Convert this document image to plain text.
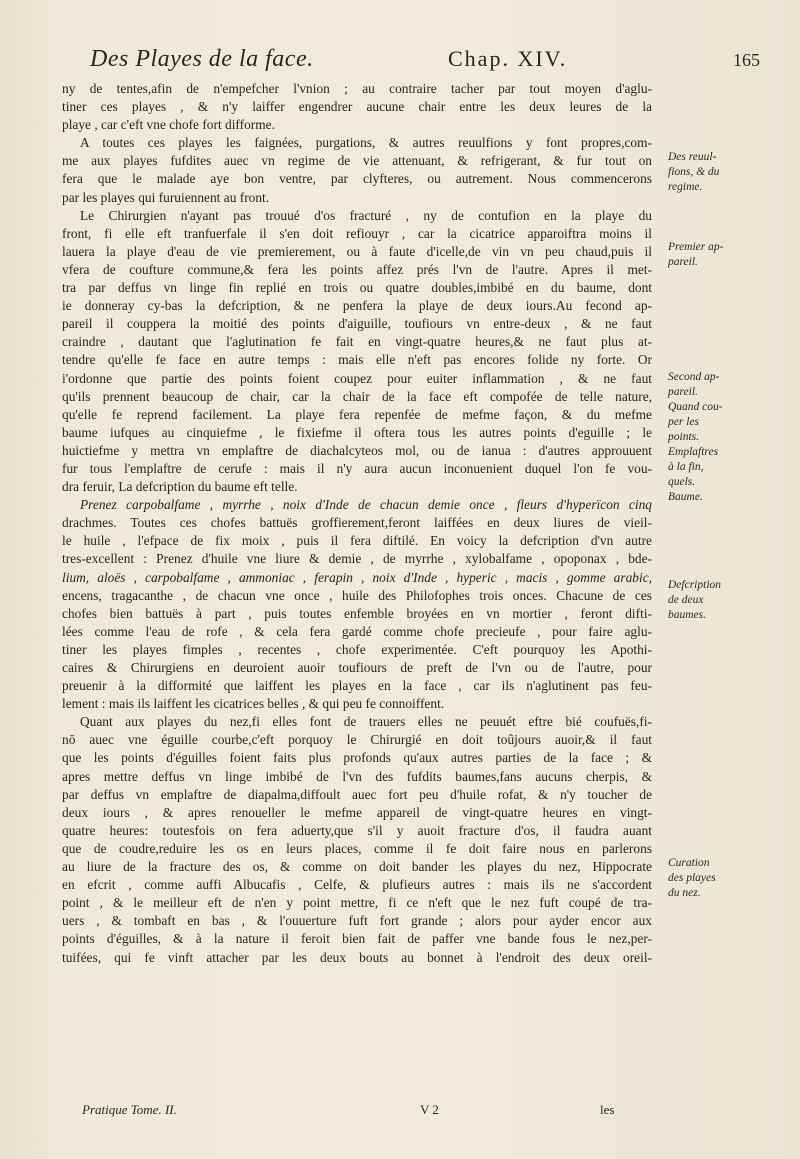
Des Playes de la face.	Chap. XIV.	165
ny de tentes,afin de n'empefcher l'vnion ; au contraire tacher par tout moyen d'aglu-
tiner ces playes , & n'y laiffer engendrer aucune chair entre les deux leures de la
playe , car c'eft vne chofe fort difforme.
A toutes ces playes les faignées, purgations, & autres reuulfions y font propres,com-
me aux playes fufdites auec vn regime de vie attenuant, & refrigerant, & fur tout on
fera que le malade aye bon ventre, par clyfteres, ou autrement. Nous commencerons
par les playes qui furuiennent au front.
Le Chirurgien n'ayant pas trouué d'os fracturé , ny de contufion en la playe du
front, fi elle eft tranfuerfale il s'en doit refiouyr , car la cicatrice apparoiftra moins il
lauera la playe d'eau de vie premierement, ou à faute d'icelle,de vin vn peu chaud,puis il
vfera de coufture commune,& fera les points affez prés l'vn de l'autre. Apres il met-
tra par deffus vn linge fin replié en trois ou quatre doubles,imbibé en du baume, dont
ie donneray cy-bas la defcription, & ne penfera la playe de deux iours.Au fecond ap-
pareil il couppera la moitié des points d'aiguille, toufiours vn entre-deux , & ne faut
craindre , dautant que l'aglutination fe fait en vingt-quatre heures,& ne faut plus at-
tendre qu'elle fe face en autre temps : mais elle n'eft pas encores folide ny forte. Or
i'ordonne que partie des points foient coupez pour euiter inflammation , & ne faut
qu'ils prennent beaucoup de chair, car la chair de la face eft compofée de telle nature,
qu'elle fe reprend facilement. La playe fera repenfée de mefme façon, & du mefme
baume iufques au cinquiefme , le fixiefme il oftera tous les autres points d'eguille ; le
huictiefme y mettra vn emplaftre de diachalcyteos mol, ou de ianua : d'autres approuuent
fur tous l'emplaftre de cerufe : mais il n'y aura aucun inconuenient duquel l'on fe vou-
dra feruir, La defcription du baume eft telle.
Prenez carpobalfame , myrrhe , noix d'Inde de chacun demie once , fleurs d'hyperïcon cinq
drachmes. Toutes ces chofes battuës groffierement,feront laiffées en deux liures de vieil-
le huile , l'efpace de fix moix , puis il fera diftilé. En voicy la defcription d'vn autre
tres-excellent : Prenez d'huile vne liure & demie , de myrrhe , xylobalfame , opoponax , bde-
lium, aloës , carpobalfame , ammoniac , ferapin , noix d'Inde , hyperic , macis , gomme arabic,
encens, tragacanthe , de chacun vne once , huile des Philofophes trois onces. Chacune de ces
chofes bien battuës à part , puis toutes enfemble broyées en vn mortier , feront difti-
lées comme l'eau de rofe , & cela fera gardé comme chofe precieufe , pour faire aglu-
tiner les playes fimples , recentes , chofe experimentée. C'eft pourquoy les Apothi-
caires & Chirurgiens en deuroient auoir toufiours de preft de l'vn ou de l'autre, pour
preuenir à la difformité que laiffent les playes en la face , car ils n'aglutinent pas feu-
lement : mais ils laiffent les cicatrices belles , & qui peu fe connoiffent.
Quant aux playes du nez,fi elles font de trauers elles ne peuuét eftre bié coufuës,fi-
nō auec vne éguille courbe,c'eft porquoy le Chirurgié en doit toûjours auoir,& il faut
que les points d'éguilles foient faits plus profonds qu'aux autres parties de la face ; &
apres mettre deffus vn linge imbibé de l'vn des fufdits baumes,fans aucuns cherpis, &
par deffus vn emplaftre de diapalma,diffoult auec fort peu d'huile rofat, & n'y toucher de
deux iours , & apres renoueller le mefme appareil de vingt-quatre heures en vingt-
quatre heures: toutesfois on fera aduerty,que s'il y auoit fracture d'os, il faudra auant
que de coudre,reduire les os en leurs places, comme il fe doit faire nous en parlerons
au liure de la fracture des os, & comme on doit bander les playes du nez, Hippocrate
en efcrit , comme auffi Albucafis , Celfe, & plufieurs autres : mais ils ne s'accordent
point , & le meilleur eft de n'en y point mettre, fi ce n'eft que le nez fuft coupé de tra-
uers , & tombaft en bas , & l'ouuerture fuft fort grande ; alors pour ayder encor aux
points d'éguilles, & à la nature il feroit bien fait de paffer vne bande fous le nez,per-
tuifées, qui fe vinft attacher par les deux bouts au bonnet à l'endroit des deux oreil-
Des reuul-
fions, & du
regime.
Premier ap-
pareil.
Second ap-
pareil.
Quand cou-
per les
points.
Emplaftres
à la fin,
quels.
Baume.
Defcription
de deux
baumes.
Curation
des playes
du nez.
Pratique Tome. II.	V 2	les
